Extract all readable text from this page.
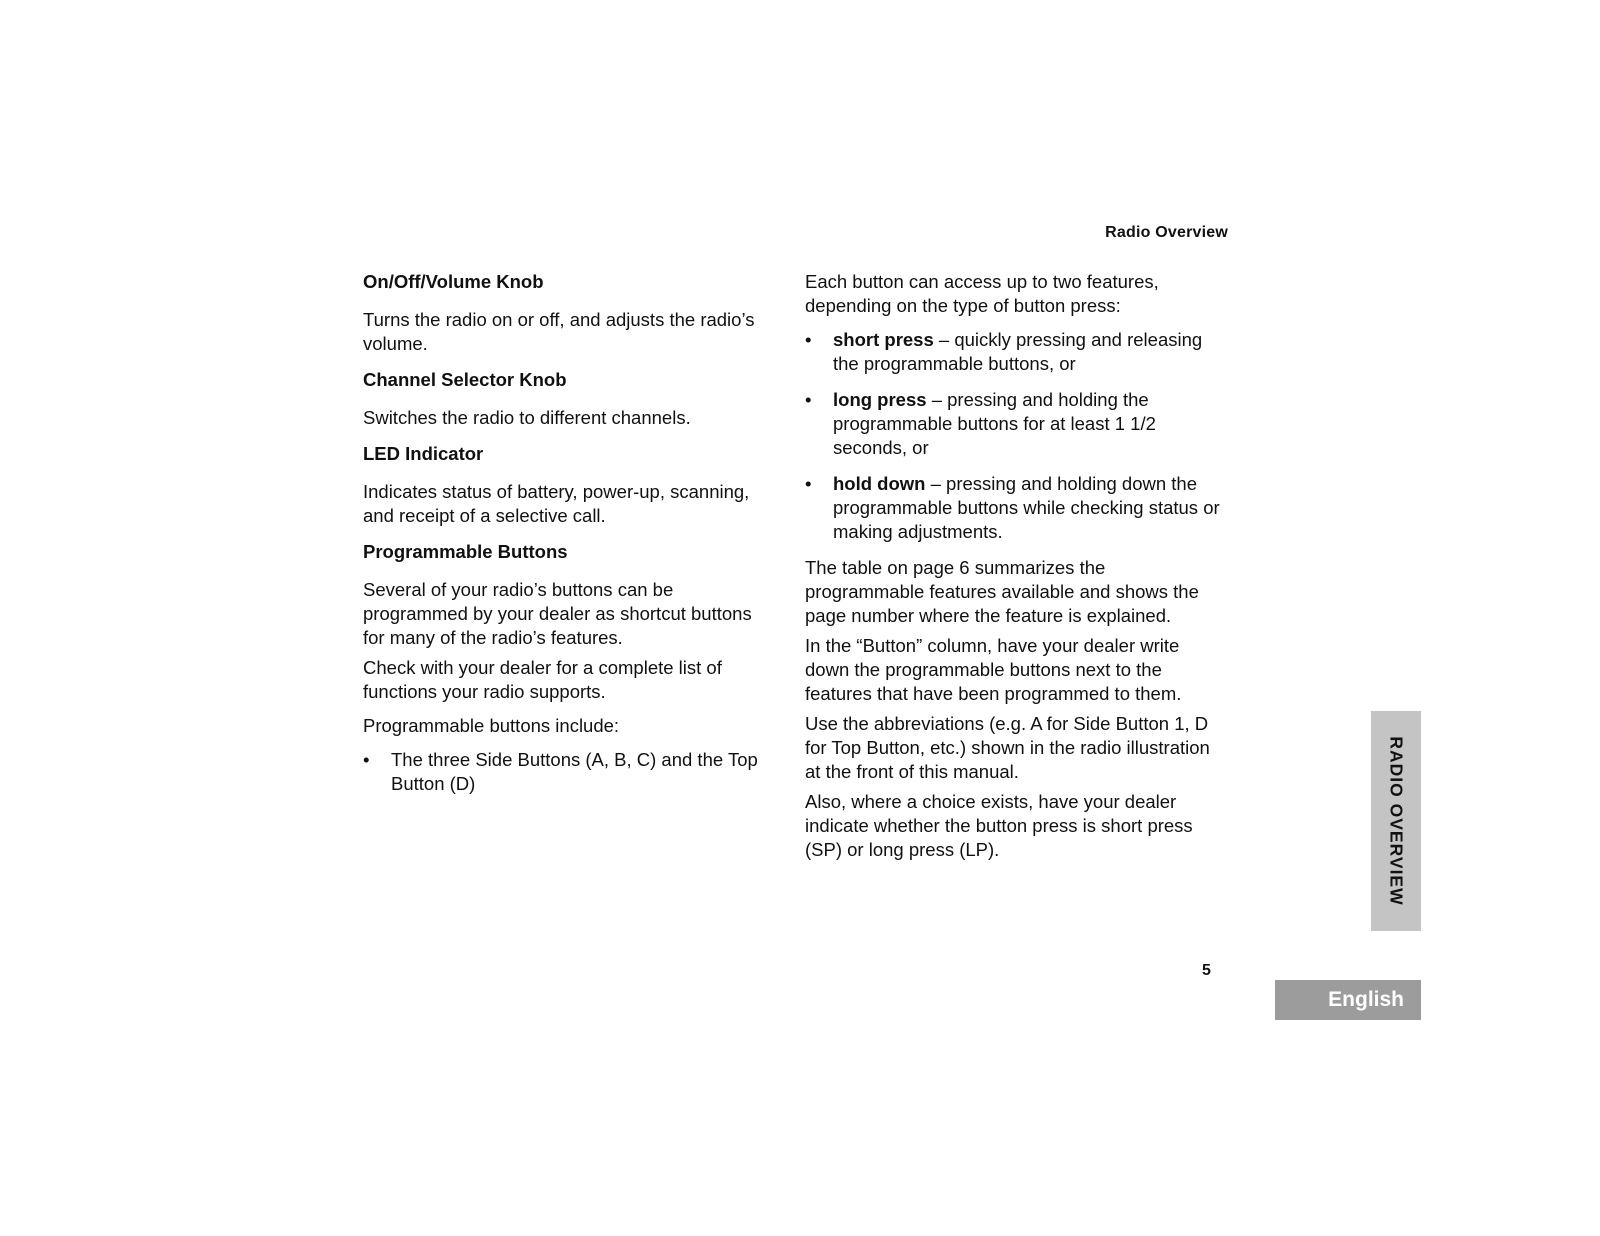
Radio Overview
On/Off/Volume Knob

Turns the radio on or off, and adjusts the radio’s volume.

Channel Selector Knob

Switches the radio to different channels.

LED Indicator

Indicates status of battery, power-up, scanning, and receipt of a selective call.

Programmable Buttons

Several of your radio’s buttons can be programmed by your dealer as shortcut buttons for many of the radio’s features.

Check with your dealer for a complete list of functions your radio supports.

Programmable buttons include:

• The three Side Buttons (A, B, C) and the Top Button (D)

Each button can access up to two features, depending on the type of button press:

• short press – quickly pressing and releasing the programmable buttons, or
• long press – pressing and holding the programmable buttons for at least 1 1/2 seconds, or
• hold down – pressing and holding down the programmable buttons while checking status or making adjustments.

The table on page 6 summarizes the programmable features available and shows the page number where the feature is explained.

In the “Button” column, have your dealer write down the programmable buttons next to the features that have been programmed to them.

Use the abbreviations (e.g. A for Side Button 1, D for Top Button, etc.) shown in the radio illustration at the front of this manual.

Also, where a choice exists, have your dealer indicate whether the button press is short press (SP) or long press (LP).

5
RADIO OVERVIEW
English
